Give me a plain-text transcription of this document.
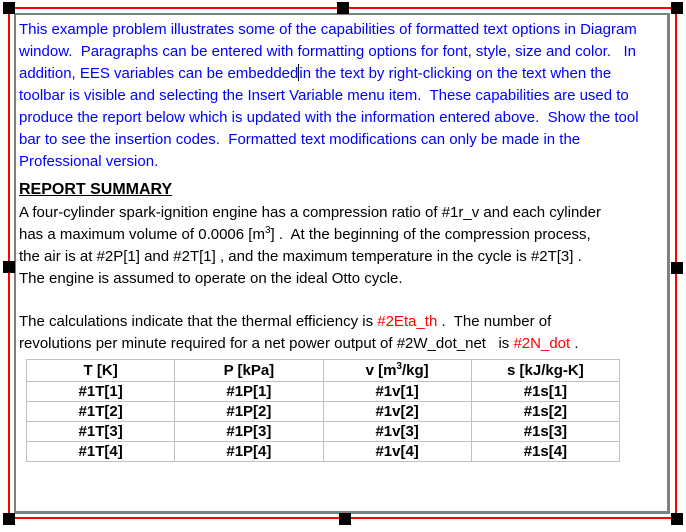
This example problem illustrates some of the capabilities of formatted text options in Diagram
window.  Paragraphs can be entered with formatting options for font, style, size and color.   In
addition, EES variables can be embeddedin the text by right-clicking on the text when the
toolbar is visible and selecting the Insert Variable menu item.  These capabilities are used to
produce the report below which is updated with the information entered above.  Show the tool
bar to see the insertion codes.  Formatted text modifications can only be made in the
Professional version.
REPORT SUMMARY
A four-cylinder spark-ignition engine has a compression ratio of #1r_v and each cylinder
has a maximum volume of 0.0006 $[m^3]$ .  At the beginning of the compression process,
the air is at #2P[1] and #2T[1] , and the maximum temperature in the cycle is #2T[3] .
The engine is assumed to operate on the ideal Otto cycle.
The calculations indicate that the thermal efficiency is #2Eta_th .  The number of
revolutions per minute required for a net power output of #2W_dot_net   is #2N_dot .
T [K]	P [kPa]	v $[m^3/kg]$	s [kJ/kg-K]
#1T[1]	#1P[1]	#1v[1]	#1s[1]
#1T[2]	#1P[2]	#1v[2]	#1s[2]
#1T[3]	#1P[3]	#1v[3]	#1s[3]
#1T[4]	#1P[4]	#1v[4]	#1s[4]
